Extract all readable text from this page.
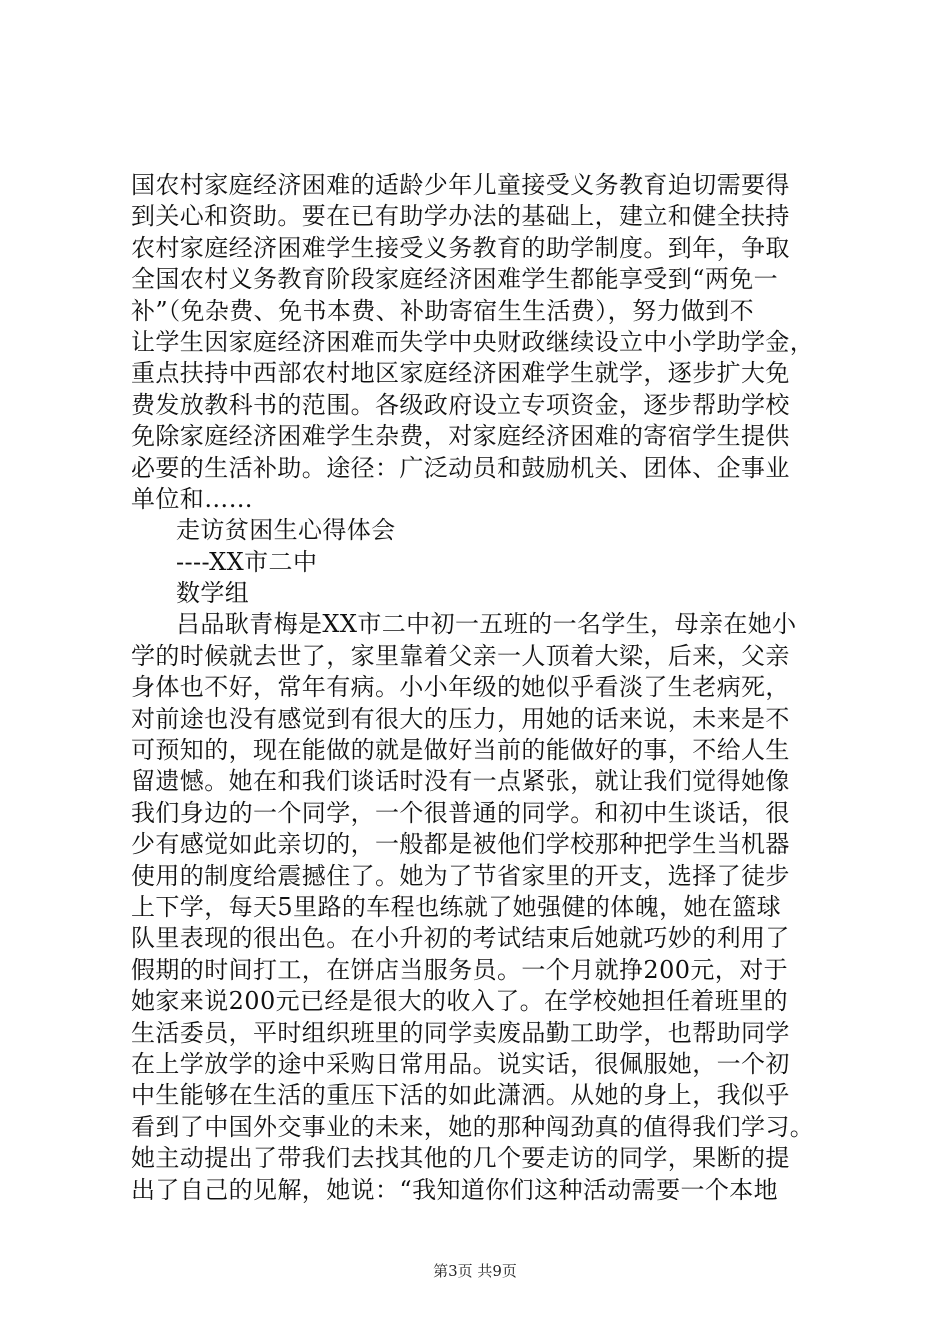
国农村家庭经济困难的适龄少年儿童接受义务教育迫切需要得
到关心和资助。要在已有助学办法的基础上，建立和健全扶持
农村家庭经济困难学生接受义务教育的助学制度。到年，争取
全国农村义务教育阶段家庭经济困难学生都能享受到“两免一
补”（免杂费、免书本费、补助寄宿生生活费），努力做到不
让学生因家庭经济困难而失学中央财政继续设立中小学助学金，
重点扶持中西部农村地区家庭经济困难学生就学，逐步扩大免
费发放教科书的范围。各级政府设立专项资金，逐步帮助学校
免除家庭经济困难学生杂费，对家庭经济困难的寄宿学生提供
必要的生活补助。途径：广泛动员和鼓励机关、团体、企事业
单位和……
走访贫困生心得体会
----XX市二中
数学组
吕品耿青梅是XX市二中初一五班的一名学生，母亲在她小
学的时候就去世了，家里靠着父亲一人顶着大梁，后来，父亲
身体也不好，常年有病。小小年级的她似乎看淡了生老病死，
对前途也没有感觉到有很大的压力，用她的话来说，未来是不
可预知的，现在能做的就是做好当前的能做好的事，不给人生
留遗憾。她在和我们谈话时没有一点紧张，就让我们觉得她像
我们身边的一个同学，一个很普通的同学。和初中生谈话，很
少有感觉如此亲切的，一般都是被他们学校那种把学生当机器
使用的制度给震撼住了。她为了节省家里的开支，选择了徒步
上下学，每天5里路的车程也练就了她强健的体魄，她在篮球
队里表现的很出色。在小升初的考试结束后她就巧妙的利用了
假期的时间打工，在饼店当服务员。一个月就挣200元，对于
她家来说200元已经是很大的收入了。在学校她担任着班里的
生活委员，平时组织班里的同学卖废品勤工助学，也帮助同学
在上学放学的途中采购日常用品。说实话，很佩服她，一个初
中生能够在生活的重压下活的如此潇洒。从她的身上，我似乎
看到了中国外交事业的未来，她的那种闯劲真的值得我们学习。
她主动提出了带我们去找其他的几个要走访的同学，果断的提
出了自己的见解，她说：“我知道你们这种活动需要一个本地
第3页 共9页
